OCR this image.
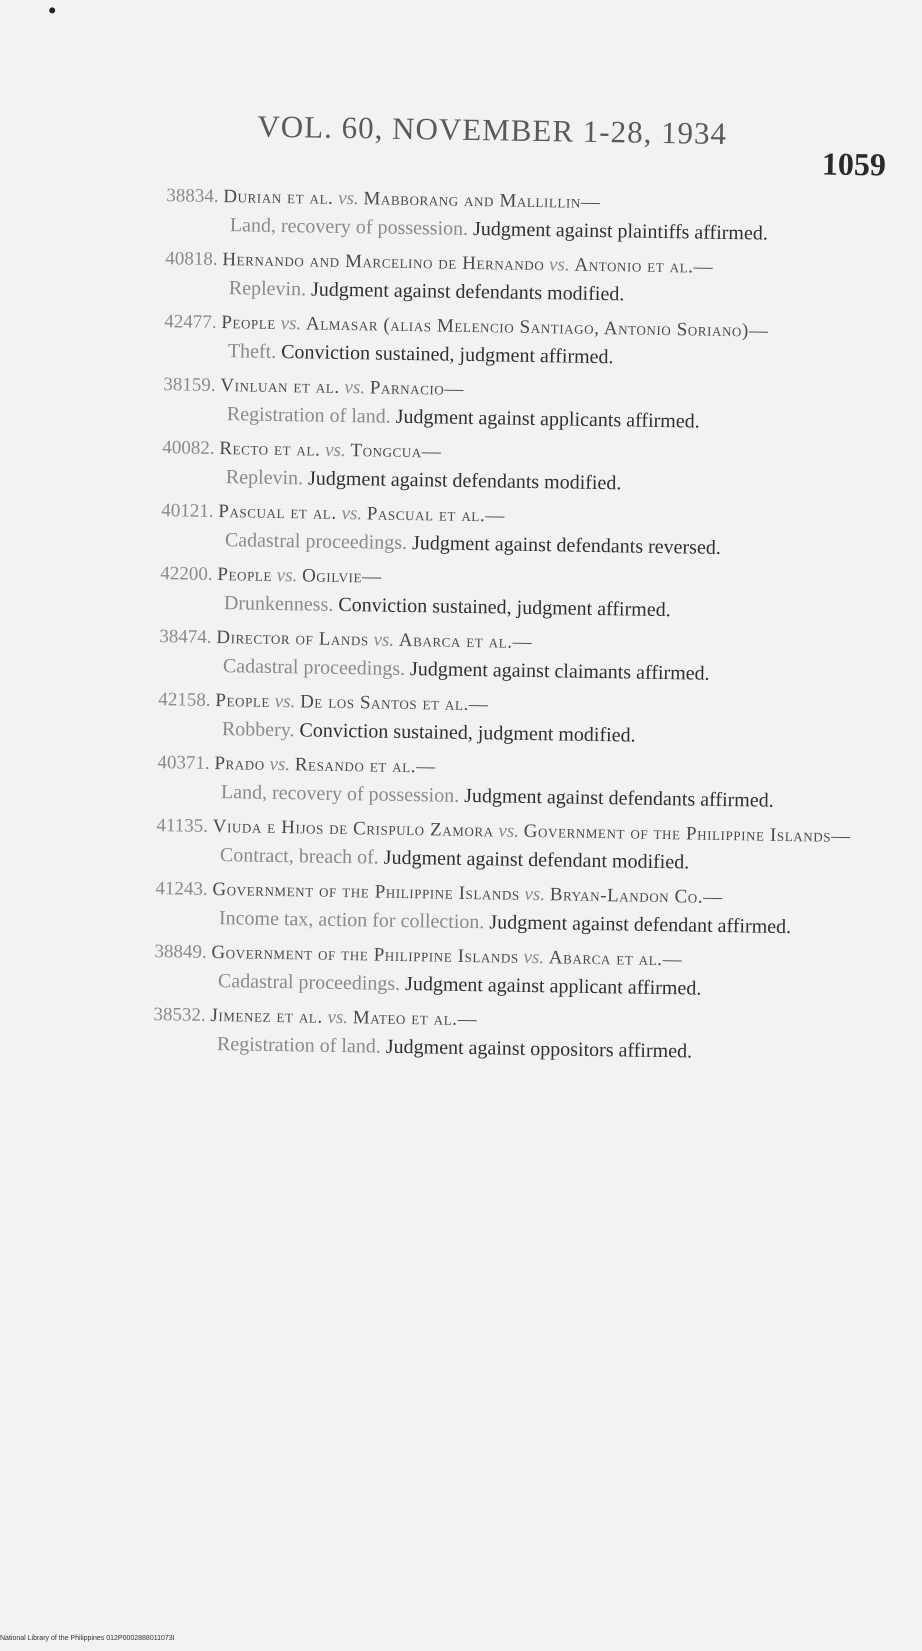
VOL. 60, NOVEMBER 1-28, 1934
1059
38834. Durian et al. vs. Mabborang and Mallillin—
Land, recovery of possession. Judgment against plaintiffs affirmed.
40818. Hernando and Marcelino de Hernando vs. Antonio et al.—
Replevin. Judgment against defendants modified.
42477. People vs. Almasar (alias Melencio Santiago, Antonio Soriano)—
Theft. Conviction sustained, judgment affirmed.
38159. Vinluan et al. vs. Parnacio—
Registration of land. Judgment against applicants affirmed.
40082. Recto et al. vs. Tongcua—
Replevin. Judgment against defendants modified.
40121. Pascual et al. vs. Pascual et al.—
Cadastral proceedings. Judgment against defendants reversed.
42200. People vs. Ogilvie—
Drunkenness. Conviction sustained, judgment affirmed.
38474. Director of Lands vs. Abarca et al.—
Cadastral proceedings. Judgment against claimants affirmed.
42158. People vs. De los Santos et al.—
Robbery. Conviction sustained, judgment modified.
40371. Prado vs. Resando et al.—
Land, recovery of possession. Judgment against defendants affirmed.
41135. Viuda e Hijos de Crispulo Zamora vs. Government of the Philippine Islands—
Contract, breach of. Judgment against defendant modified.
41243. Government of the Philippine Islands vs. Bryan-Landon Co.—
Income tax, action for collection. Judgment against defendant affirmed.
38849. Government of the Philippine Islands vs. Abarca et al.—
Cadastral proceedings. Judgment against applicant affirmed.
38532. Jimenez et al. vs. Mateo et al.—
Registration of land. Judgment against oppositors affirmed.
National Library of the Philippines 012P0002888011073I
